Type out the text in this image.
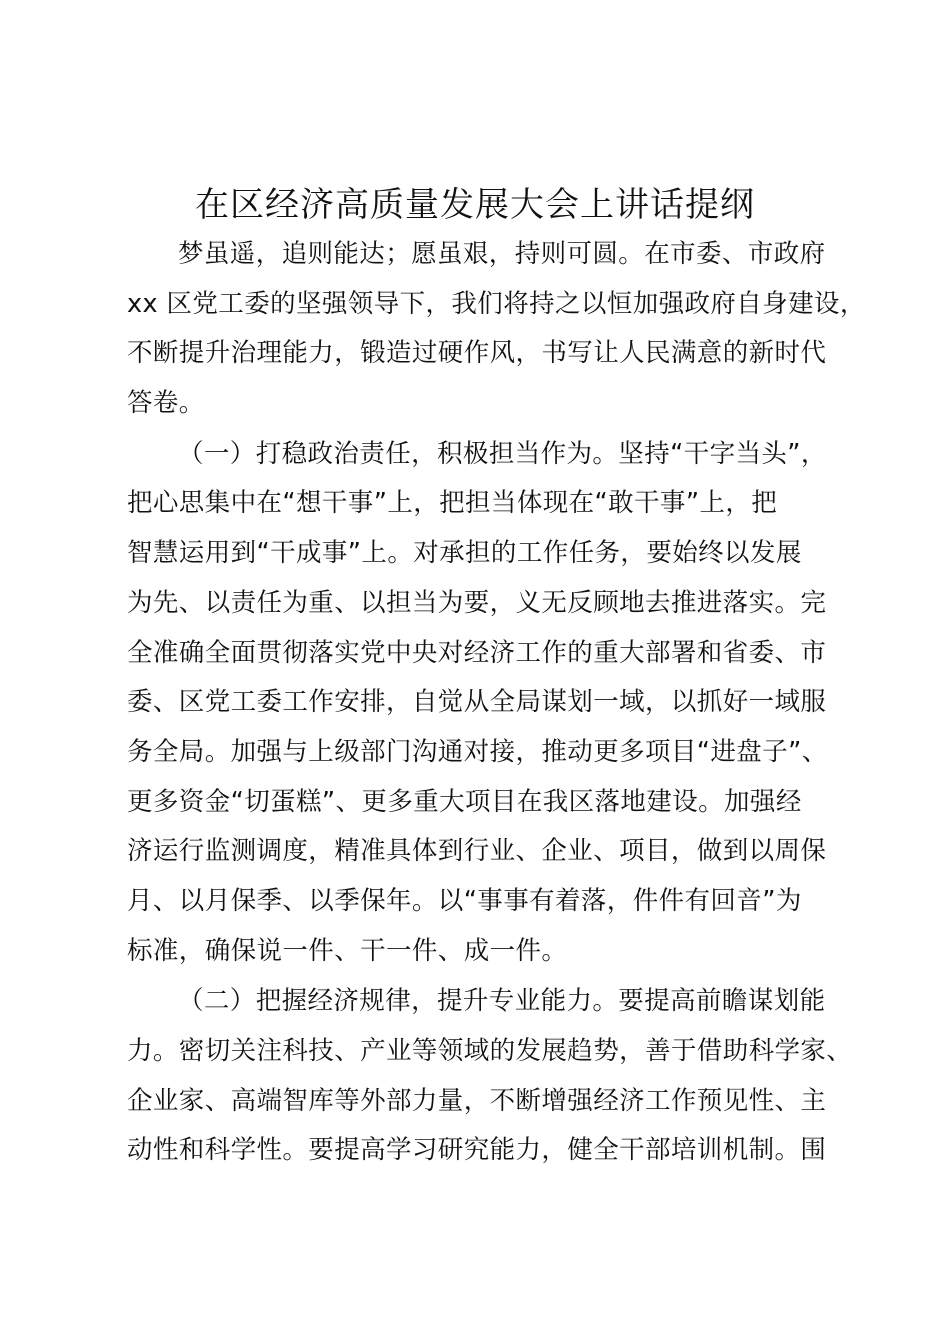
在区经济高质量发展大会上讲话提纲
梦虽遥，追则能达；愿虽艰，持则可圆。在市委、市政府
xx 区党工委的坚强领导下，我们将持之以恒加强政府自身建设，
不断提升治理能力，锻造过硬作风，书写让人民满意的新时代
答卷。
（一）打稳政治责任，积极担当作为。坚持“干字当头”，
把心思集中在“想干事”上，把担当体现在“敢干事”上，把
智慧运用到“干成事”上。对承担的工作任务，要始终以发展
为先、以责任为重、以担当为要，义无反顾地去推进落实。完
全准确全面贯彻落实党中央对经济工作的重大部署和省委、市
委、区党工委工作安排，自觉从全局谋划一域，以抓好一域服
务全局。加强与上级部门沟通对接，推动更多项目“进盘子”、
更多资金“切蛋糕”、更多重大项目在我区落地建设。加强经
济运行监测调度，精准具体到行业、企业、项目，做到以周保
月、以月保季、以季保年。以“事事有着落，件件有回音”为
标准，确保说一件、干一件、成一件。
（二）把握经济规律，提升专业能力。要提高前瞻谋划能
力。密切关注科技、产业等领域的发展趋势，善于借助科学家、
企业家、高端智库等外部力量，不断增强经济工作预见性、主
动性和科学性。要提高学习研究能力，健全干部培训机制。围
